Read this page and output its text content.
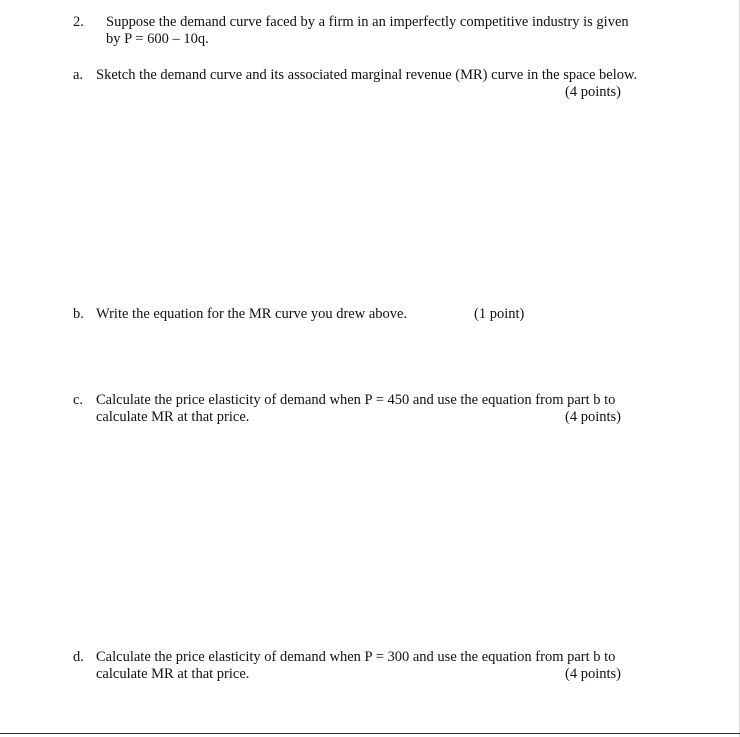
2. Suppose the demand curve faced by a firm in an imperfectly competitive industry is given
by P = 600 – 10q.
a. Sketch the demand curve and its associated marginal revenue (MR) curve in the space below.
(4 points)
b. Write the equation for the MR curve you drew above.	(1 point)
c. Calculate the price elasticity of demand when P = 450 and use the equation from part b to
calculate MR at that price.	(4 points)
d. Calculate the price elasticity of demand when P = 300 and use the equation from part b to
calculate MR at that price.	(4 points)
